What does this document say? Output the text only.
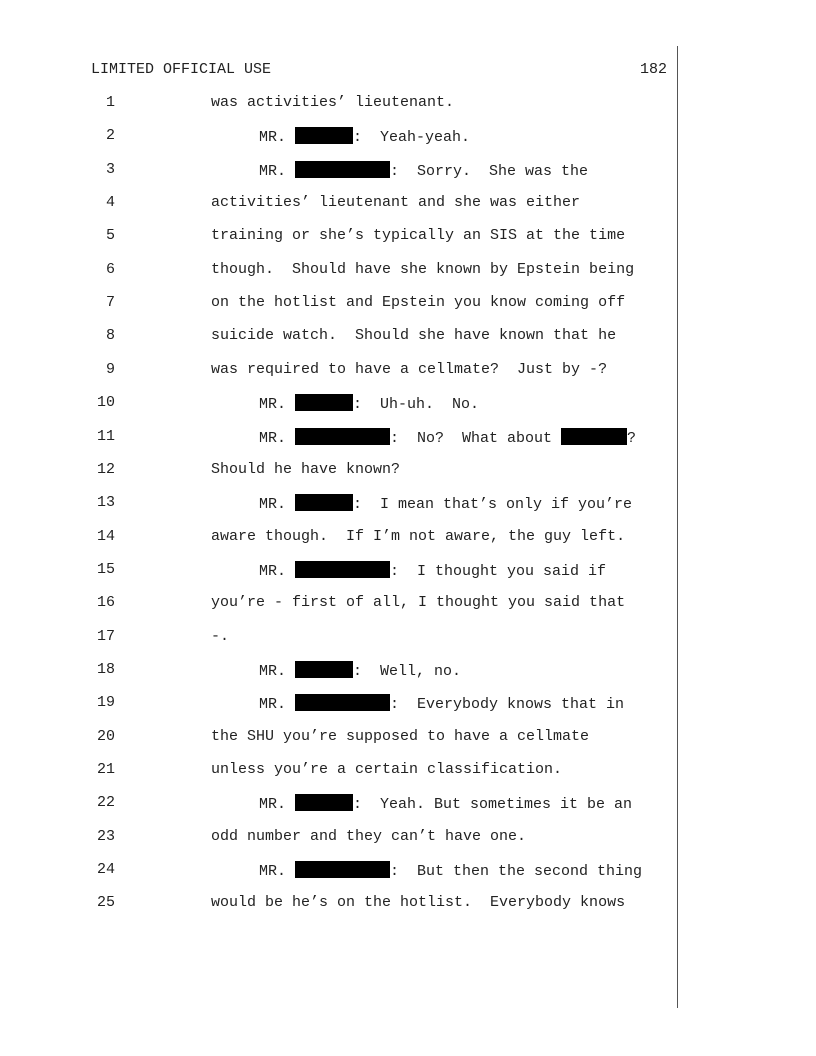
LIMITED OFFICIAL USE	182
1	was activities’ lieutenant.
2	MR.	:  Yeah-yeah.
3	MR.	:  Sorry.  She was the
4	activities’ lieutenant and she was either
5	training or she’s typically an SIS at the time
6	though.  Should have she known by Epstein being
7	on the hotlist and Epstein you know coming off
8	suicide watch.  Should she have known that he
9	was required to have a cellmate?  Just by -?
10	MR.	:  Uh-uh.  No.
11	MR.	:  No?  What about	?
12	Should he have known?
13	MR.	:  I mean that’s only if you’re
14	aware though.  If I’m not aware, the guy left.
15	MR.	:  I thought you said if
16	you’re - first of all, I thought you said that
17	-.
18	MR.	:  Well, no.
19	MR.	:  Everybody knows that in
20	the SHU you’re supposed to have a cellmate
21	unless you’re a certain classification.
22	MR.	:  Yeah. But sometimes it be an
23	odd number and they can’t have one.
24	MR.	:  But then the second thing
25	would be he’s on the hotlist.  Everybody knows
